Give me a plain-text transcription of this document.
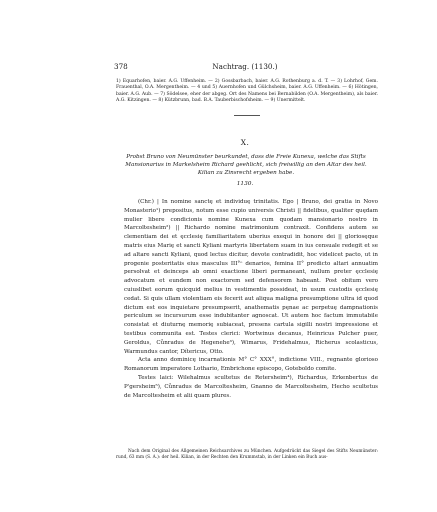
378	Nachtrag. (1130.)

1) Equarhofen, baier. A.G. Uffenheim. — 2) Gossbarbach, baier. A.G. Rothenburg a. d. T. — 3) Lohrhof, Gem. Frauenthal, O.A. Mergentheim. — 4 und 5) Auernhofen und Gülchsheim, baier. A.G. Uffenheim. — 6) Hötingen, baier. A.G. Aub. — 7) Södelsee, eher der abgeg. Ort des Namens bei Bernabilden (O.A. Mergentheim), als baier. A.G. Kitzingen. — 8) Kützbrunn, bad. B.A. Tauberbischofsheim. — 9) Unermittelt.

X.

Probst Bruno von Neumünster beurkundet, dass die Freie Kunexa, welche das Stifts Mansionarius in Markelsheim Richard geehlicht, sich freiwillig an den Altar des heil. Kilian zu Zinsrecht ergeben habe.

1130.

(Chr.) | In nomine sanctę et individuę trinitatis. Ego | Bruno, dei gratia in Novo Monasterio¹) prepositus, notum esse cupio universis Christi || fidelibus, qualiter quędam mulier libere condicionis nomine Kunexa cum quodam mansionario nostro in Marcoltesheim²) || Richardo nomine matrimonium contraxit. Confidens autem se clementiam dei et ęcclesię familiaritatem uberius exequi in honore dei || gloriosęque matris eius Marię et sancti Kyliani martyris libertatem suam in ius censuale redegit et se ad altare sancti Kyliani, quod lectus dicitur, devote contradidit, hoc videlicet pacto, ut in progenie posteritatis eius masculus III°ᵒ denarios, femina II° predicto altari annuatim persolvat et deinceps ab omni exactione liberi permaneant, nullum preter ęcclesię advocatum et eundem non exactorem sed defensorem habeant. Post obitum vero cuiuslibet eorum quicquid melius in vestimentis possideat, in usum custodis ęcclesię cedat. Si quis ullam violentiam eis fecerit aut aliqua maligna presumptione ultra id quod dictum est eos inquietare presumpserit, anathematis pęnae ac perpetuę dampnationis periculum se incursurum esse indubitanter agnoscat. Ut autem hoc factum immutabile consistat et diuturnę memorię subiaceat, presens cartula sigilli nostri impressione et testibus communita est. Testes clerici: Wortwinus decanus, Heinricus Pulcher puer, Geroldus, Cůnradus de Hegenehe³), Wimarus, Fridehalmus, Richerus scolasticus, Warmundus cantor, Dítericus, Otto.

Acta anno dominicę incarnationis M° C° XXX°, indictione VIII., regnante glorioso Romanorum imperatore Lothario, Embrichone episcopo, Goteboldo comite.

Testes laici: Wilehalmus scultetus de Retersheim⁴), Richardus, Erkenbertus de P'gersheim⁵), Cůnradus de Marcoltesheim, Gnanno de Marcoltesheim, Hecho scultetus de Marcoltesheim et alii quam plures.

Nach dem Original des Allgemeinen Reichsarchives zu München. Aufgedrückt das Siegel des Stifts Neumünster: rund, 63 mm (S. A.): der heil. Kilian, in der Rechten den Krummstab, in der Linken ein Buch aus-
